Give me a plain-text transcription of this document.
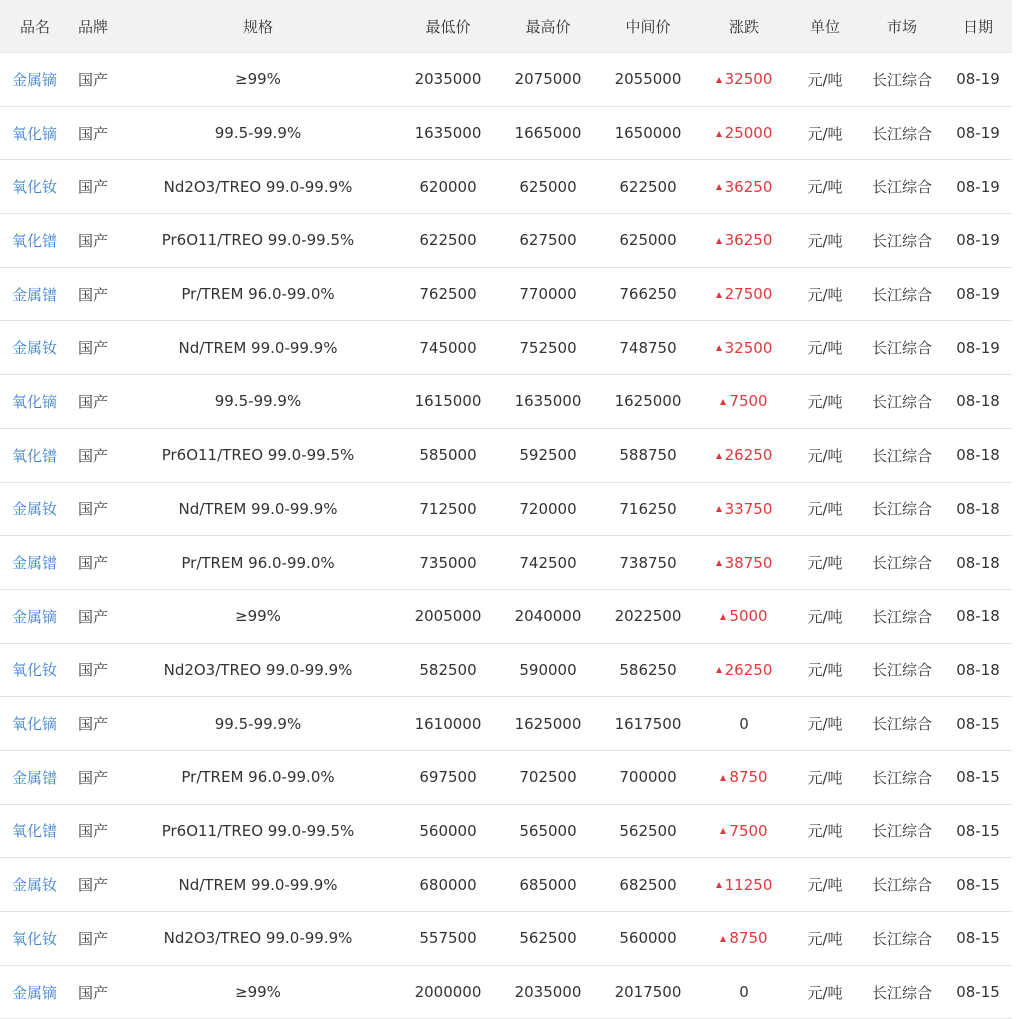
品名	品牌	规格	最低价	最高价	中间价	涨跌	单位	市场	日期
金属镝	国产	≥99%	2035000	2075000	2055000	32500	元/吨	长江综合	08-19
氧化镝	国产	99.5-99.9%	1635000	1665000	1650000	25000	元/吨	长江综合	08-19
氧化钕	国产	Nd2O3/TREO 99.0-99.9%	620000	625000	622500	36250	元/吨	长江综合	08-19
氧化镨	国产	Pr6O11/TREO 99.0-99.5%	622500	627500	625000	36250	元/吨	长江综合	08-19
金属镨	国产	Pr/TREM 96.0-99.0%	762500	770000	766250	27500	元/吨	长江综合	08-19
金属钕	国产	Nd/TREM 99.0-99.9%	745000	752500	748750	32500	元/吨	长江综合	08-19
氧化镝	国产	99.5-99.9%	1615000	1635000	1625000	7500	元/吨	长江综合	08-18
氧化镨	国产	Pr6O11/TREO 99.0-99.5%	585000	592500	588750	26250	元/吨	长江综合	08-18
金属钕	国产	Nd/TREM 99.0-99.9%	712500	720000	716250	33750	元/吨	长江综合	08-18
金属镨	国产	Pr/TREM 96.0-99.0%	735000	742500	738750	38750	元/吨	长江综合	08-18
金属镝	国产	≥99%	2005000	2040000	2022500	5000	元/吨	长江综合	08-18
氧化钕	国产	Nd2O3/TREO 99.0-99.9%	582500	590000	586250	26250	元/吨	长江综合	08-18
氧化镝	国产	99.5-99.9%	1610000	1625000	1617500	0	元/吨	长江综合	08-15
金属镨	国产	Pr/TREM 96.0-99.0%	697500	702500	700000	8750	元/吨	长江综合	08-15
氧化镨	国产	Pr6O11/TREO 99.0-99.5%	560000	565000	562500	7500	元/吨	长江综合	08-15
金属钕	国产	Nd/TREM 99.0-99.9%	680000	685000	682500	11250	元/吨	长江综合	08-15
氧化钕	国产	Nd2O3/TREO 99.0-99.9%	557500	562500	560000	8750	元/吨	长江综合	08-15
金属镝	国产	≥99%	2000000	2035000	2017500	0	元/吨	长江综合	08-15
